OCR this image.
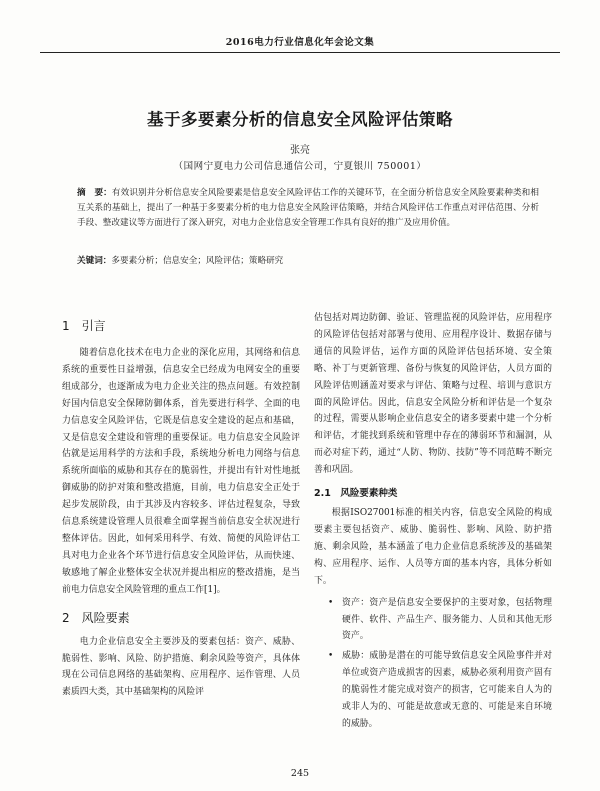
2016电力行业信息化年会论文集
基于多要素分析的信息安全风险评估策略
张亮
（国网宁夏电力公司信息通信公司，宁夏银川 750001）
摘　要：有效识别并分析信息安全风险要素是信息安全风险评估工作的关键环节，在全面分析信息安全风险要素种类和相互关系的基础上，提出了一种基于多要素分析的电力信息安全风险评估策略，并结合风险评估工作重点对评估范围、分析手段、整改建议等方面进行了深入研究，对电力企业信息安全管理工作具有良好的推广及应用价值。
关键词：多要素分析；信息安全；风险评估；策略研究
1　引言
随着信息化技术在电力企业的深化应用，其网络和信息系统的重要性日益增强，信息安全已经成为电网安全的重要组成部分，也逐渐成为电力企业关注的热点问题。有效控制好国内信息安全保障防御体系，首先要进行科学、全面的电力信息安全风险评估，它既是信息安全建设的起点和基础，又是信息安全建设和管理的重要保证。电力信息安全风险评估就是运用科学的方法和手段，系统地分析电力网络与信息系统所面临的威胁和其存在的脆弱性，并提出有针对性地抵御威胁的防护对策和整改措施，目前，电力信息安全正处于起步发展阶段，由于其涉及内容较多、评估过程复杂，导致信息系统建设管理人员很难全面掌握当前信息安全状况进行整体评估。因此，如何采用科学、有效、简便的风险评估工具对电力企业各个环节进行信息安全风险评估，从而快速、敏感地了解企业整体安全状况并提出相应的整改措施，是当前电力信息安全风险管理的重点工作[1]。
2　风险要素
电力企业信息安全主要涉及的要素包括：资产、威胁、脆弱性、影响、风险、防护措施、剩余风险等资产，具体体现在公司信息网络的基础架构、应用程序、运作管理、人员素质四大类，其中基础架构的风险评
估包括对周边防御、验证、管理监视的风险评估，应用程序的风险评估包括对部署与使用、应用程序设计、数据存储与通信的风险评估，运作方面的风险评估包括环境、安全策略、补丁与更新管理、备份与恢复的风险评估，人员方面的风险评估则涵盖对要求与评估、策略与过程、培训与意识方面的风险评估。因此，信息安全风险分析和评估是一个复杂的过程，需要从影响企业信息安全的诸多要素中建一个分析和评估，才能找到系统和管理中存在的薄弱环节和漏洞，从而必对症下药，通过“人防、物防、技防”等不同范畴不断完善和巩固。
2.1　风险要素种类
根据ISO27001标准的相关内容，信息安全风险的构成要素主要包括资产、威胁、脆弱性、影响、风险、防护措施、剩余风险，基本涵盖了电力企业信息系统涉及的基础架构、应用程序、运作、人员等方面的基本内容，具体分析如下。
• 资产：资产是信息安全要保护的主要对象，包括物理硬件、软件、产品生产、服务能力、人员和其他无形资产。
• 威胁：威胁是潜在的可能导致信息安全风险事件并对单位或资产造成损害的因素，威胁必须利用资产固有的脆弱性才能完成对资产的损害，它可能来自人为的或非人为的、可能是故意或无意的、可能是来自环境的威胁。
245
